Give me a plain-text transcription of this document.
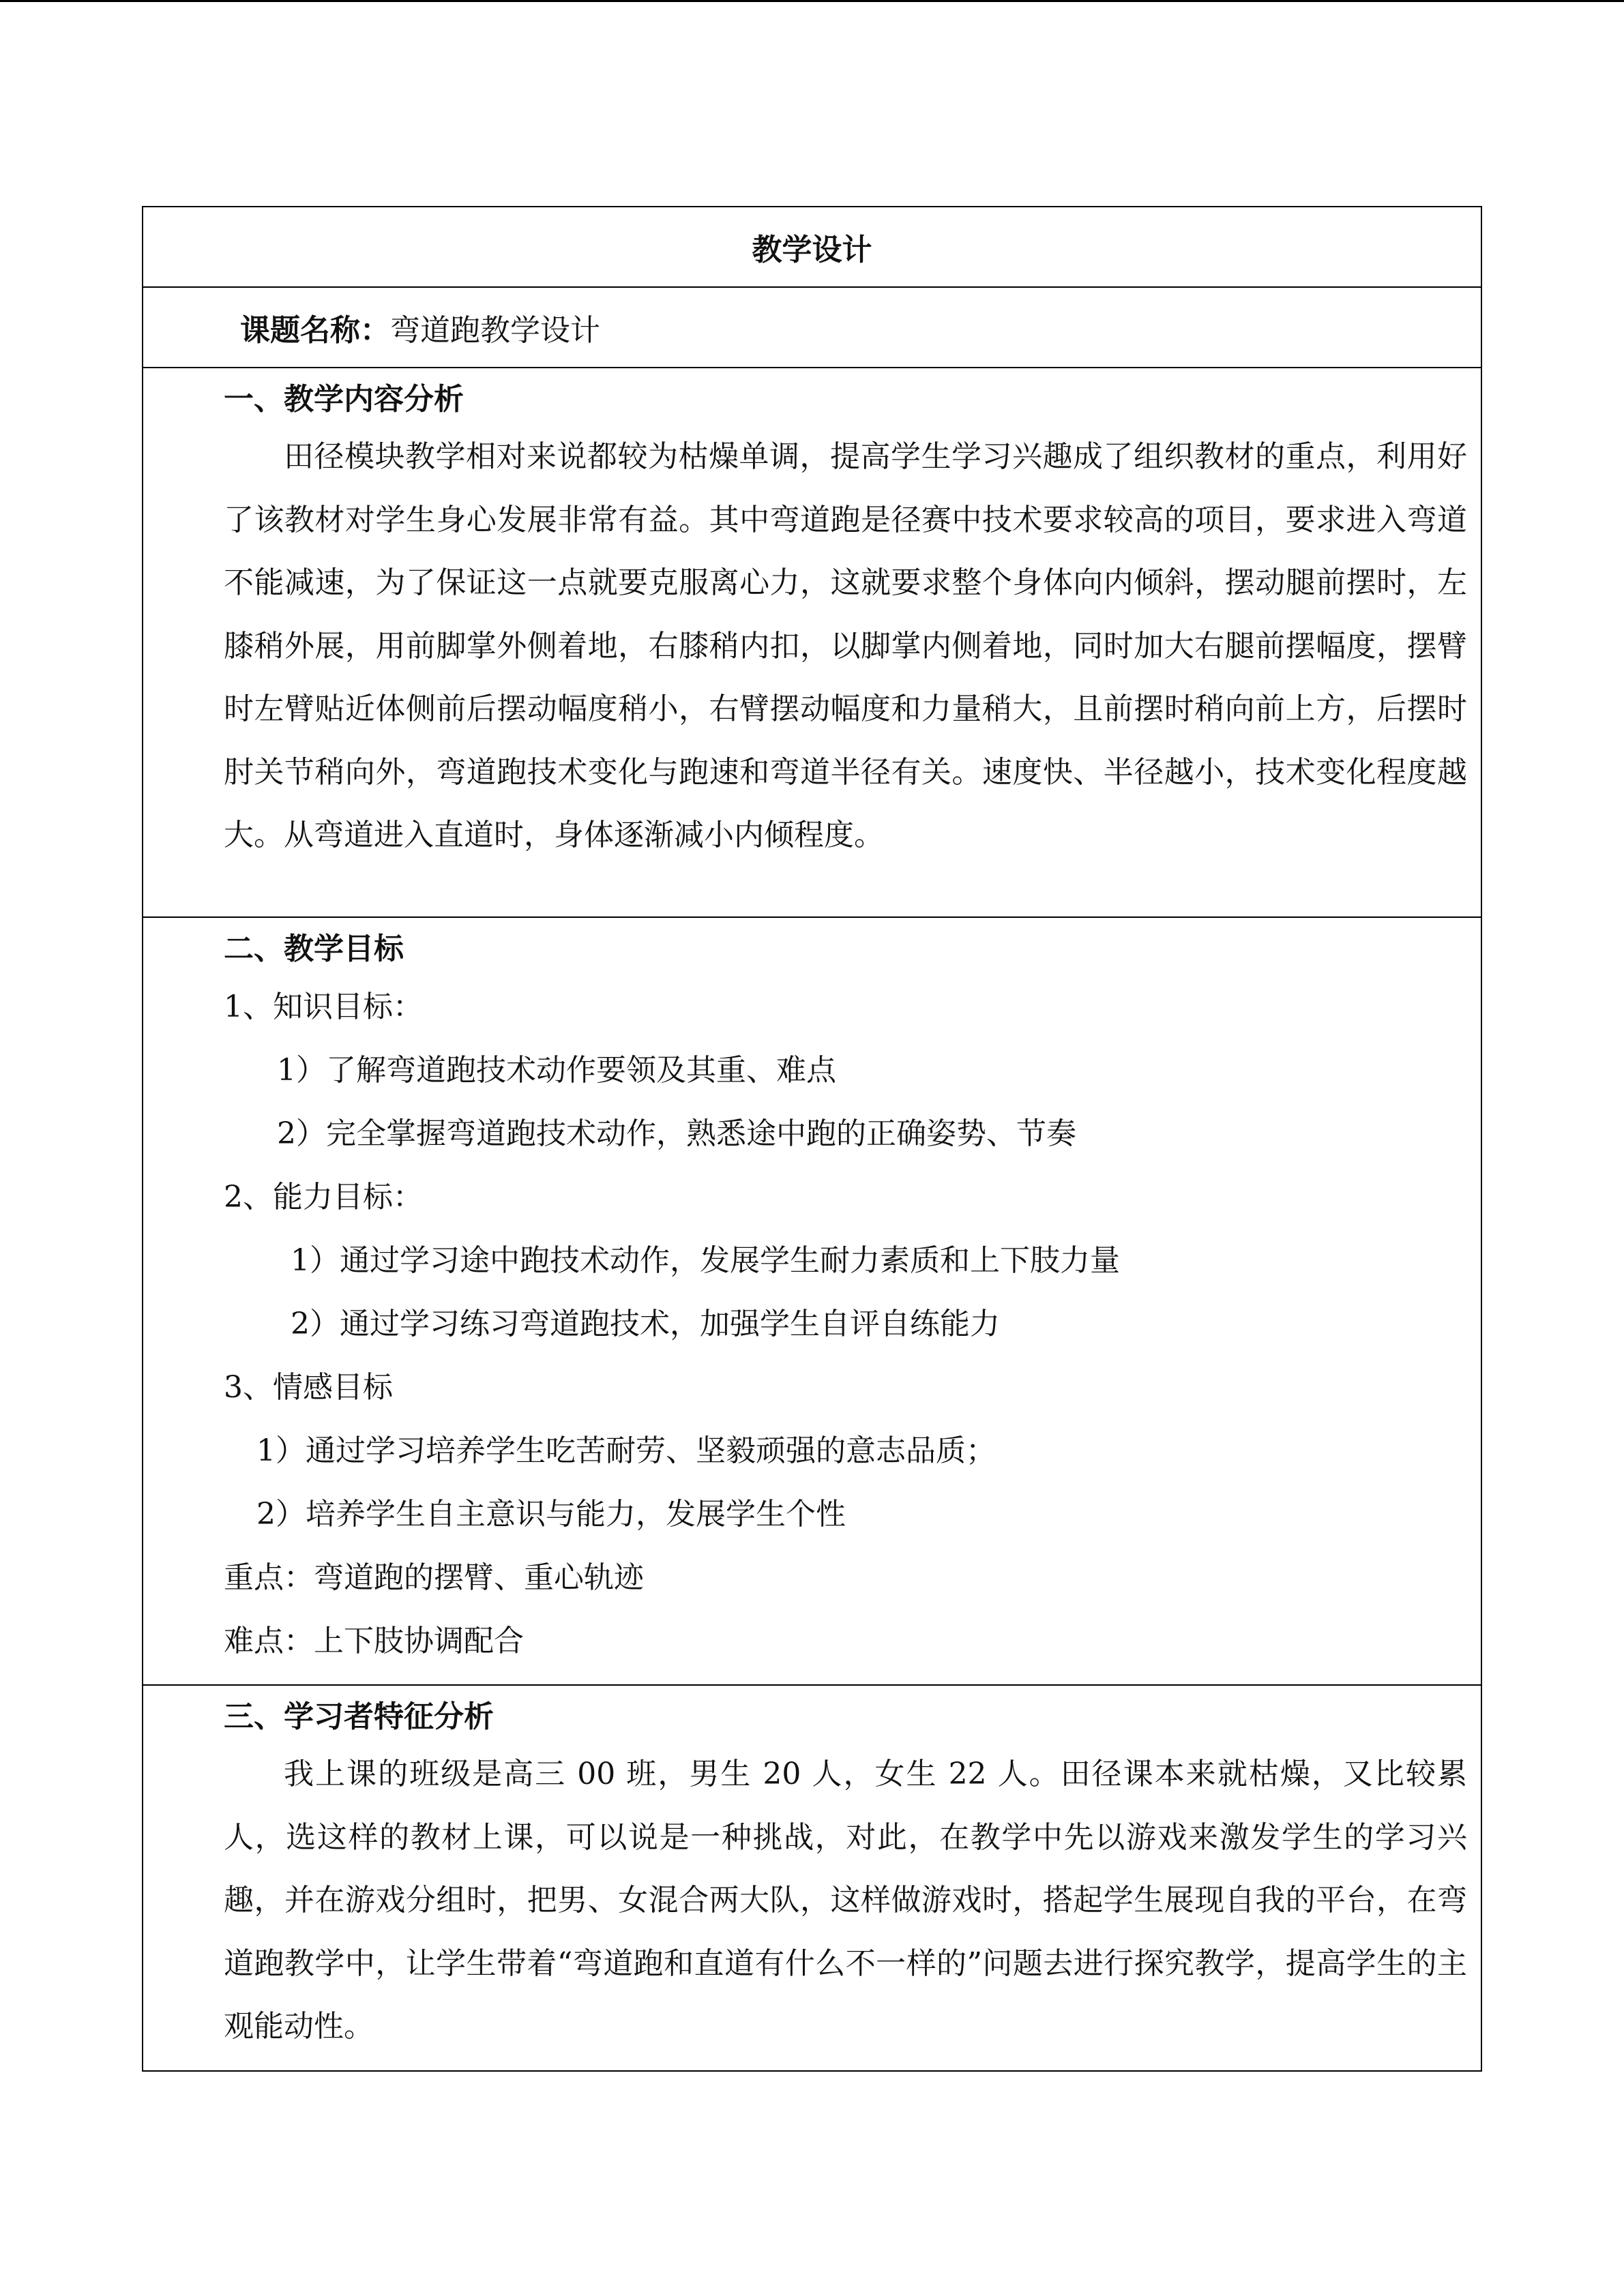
教学设计
课题名称： 弯道跑教学设计
一、教学内容分析

田径模块教学相对来说都较为枯燥单调，提高学生学习兴趣成了组织教材的重点，利用好了该教材对学生身心发展非常有益。其中弯道跑是径赛中技术要求较高的项目，要求进入弯道不能减速，为了保证这一点就要克服离心力，这就要求整个身体向内倾斜，摆动腿前摆时，左膝稍外展，用前脚掌外侧着地，右膝稍内扣，以脚掌内侧着地，同时加大右腿前摆幅度，摆臂时左臂贴近体侧前后摆动幅度稍小，右臂摆动幅度和力量稍大，且前摆时稍向前上方，后摆时肘关节稍向外，弯道跑技术变化与跑速和弯道半径有关。速度快、半径越小，技术变化程度越大。从弯道进入直道时，身体逐渐减小内倾程度。

二、教学目标

1、知识目标：

1）了解弯道跑技术动作要领及其重、难点

2）完全掌握弯道跑技术动作，熟悉途中跑的正确姿势、节奏

2、能力目标：

1）通过学习途中跑技术动作，发展学生耐力素质和上下肢力量

2）通过学习练习弯道跑技术，加强学生自评自练能力

3、情感目标

1）通过学习培养学生吃苦耐劳、坚毅顽强的意志品质；

2）培养学生自主意识与能力，发展学生个性

重点：弯道跑的摆臂、重心轨迹

难点：上下肢协调配合

三、学习者特征分析

我上课的班级是高三 00 班，男生 20 人，女生 22 人。田径课本来就枯燥，又比较累人，选这样的教材上课，可以说是一种挑战，对此，在教学中先以游戏来激发学生的学习兴趣，并在游戏分组时，把男、女混合两大队，这样做游戏时，搭起学生展现自我的平台，在弯道跑教学中，让学生带着“弯道跑和直道有什么不一样的”问题去进行探究教学，提高学生的主观能动性。
